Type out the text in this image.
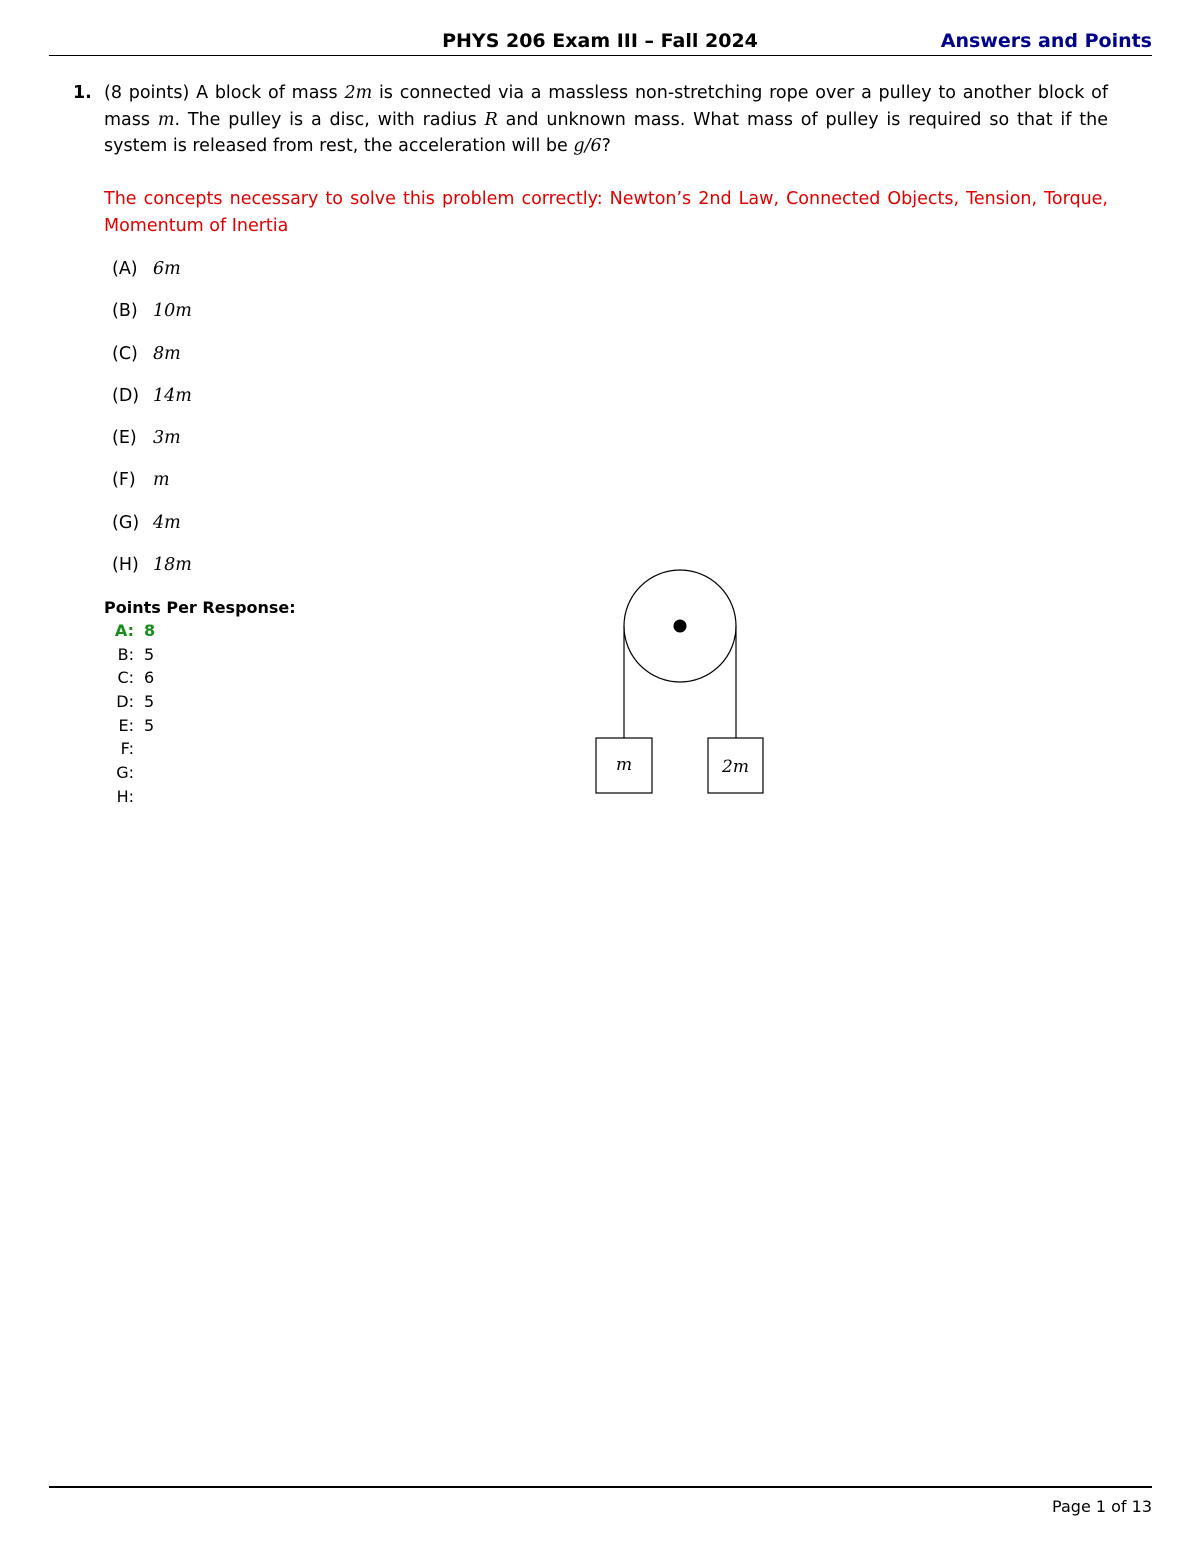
PHYS 206 Exam III – Fall 2024	Answers and Points
1. (8 points) A block of mass 2m is connected via a massless non-stretching rope over a pulley to another block of mass m. The pulley is a disc, with radius R and unknown mass. What mass of pulley is required so that if the system is released from rest, the acceleration will be g/6?
The concepts necessary to solve this problem correctly: Newton’s 2nd Law, Connected Objects, Tension, Torque, Momentum of Inertia
(A) 6m
(B) 10m
(C) 8m
(D) 14m
(E) 3m
(F) m
(G) 4m
(H) 18m
Points Per Response:
A: 8
B: 5
C: 6
D: 5
E: 5
F:
G:
H:
m	2m
Page 1 of 13
